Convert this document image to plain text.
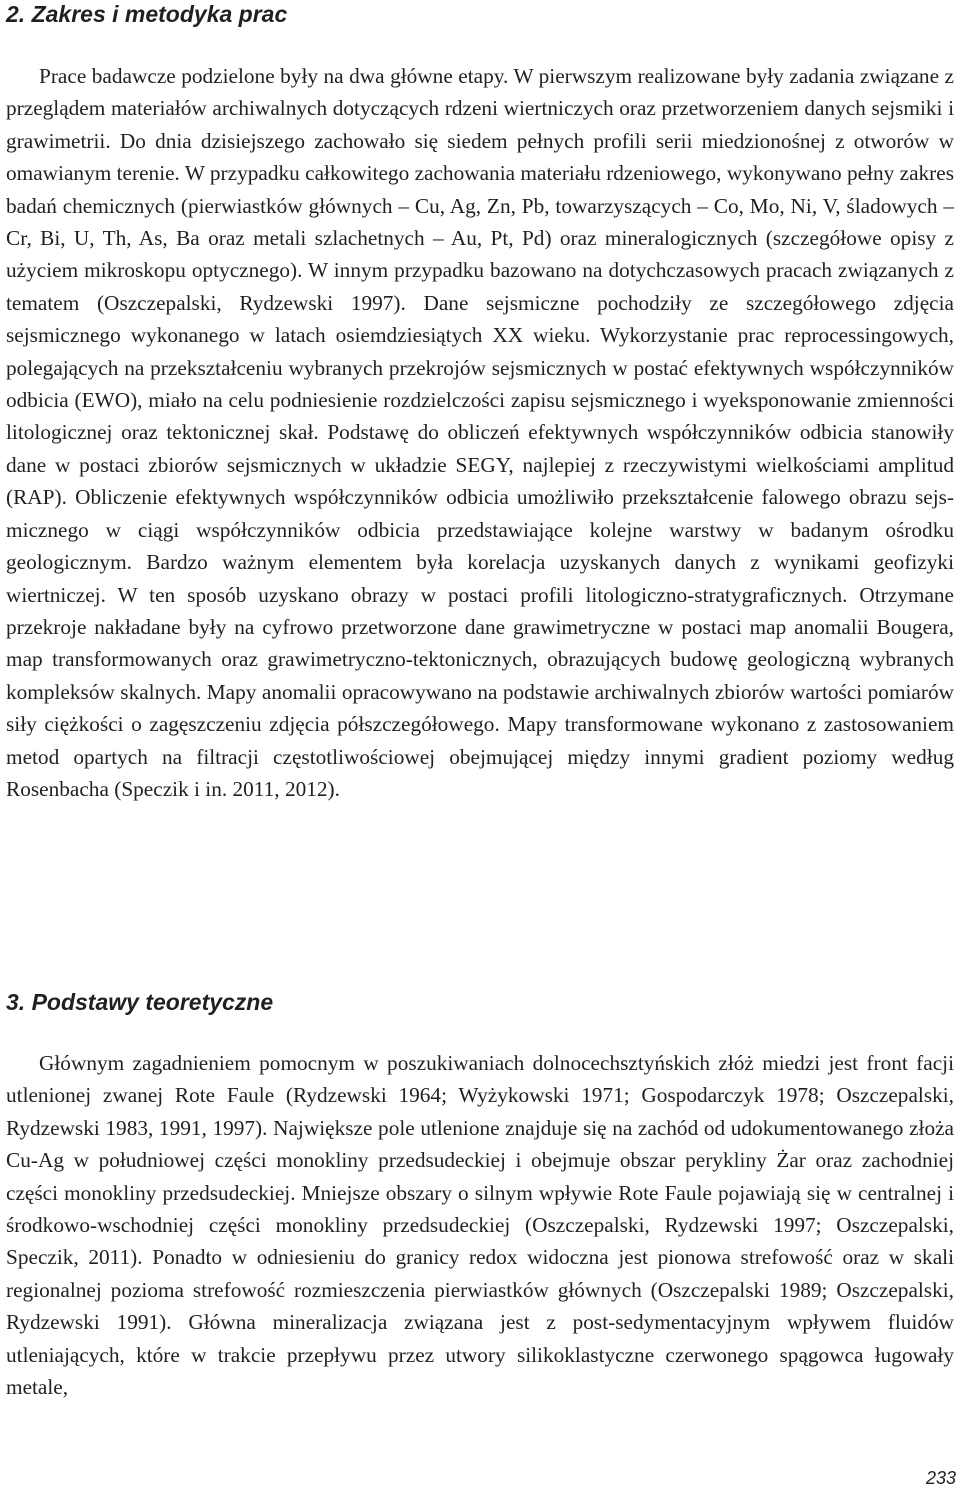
2. Zakres i metodyka prac

Prace badawcze podzielone były na dwa główne etapy. W pierwszym realizowane były zadania związane z przeglądem materiałów archiwalnych dotyczących rdzeni wiertniczych oraz przetworzeniem danych sejsmiki i grawimetrii. Do dnia dzisiejszego zachowało się siedem pełnych profili serii miedzionośnej z otworów w omawianym terenie. W przypadku całkowitego zachowania materiału rdzeniowego, wykonywano pełny zakres badań chemicznych (pierwiastków głównych – Cu, Ag, Zn, Pb, towarzyszących – Co, Mo, Ni, V, śladowych – Cr, Bi, U, Th, As, Ba oraz metali szlachetnych – Au, Pt, Pd) oraz mineralogicznych (szczegółowe opisy z użyciem mikroskopu optycznego). W innym przypadku bazowano na dotychczasowych pracach związanych z tematem (Oszczepalski, Rydzewski 1997). Dane sejsmiczne pochodziły ze szczegółowego zdjęcia sejsmicznego wykonanego w latach osiemdziesiątych XX wieku. Wykorzystanie prac reprocessingowych, polegających na przekształceniu wybranych przekrojów sejsmicznych w postać efektywnych współczynników odbicia (EWO), miało na celu podniesienie rozdzielczości zapisu sejsmicznego i wyeksponowanie zmienności litologicznej oraz tektonicznej skał. Podstawę do obliczeń efektywnych współczynników odbicia stanowiły dane w postaci zbiorów sejsmicznych w układzie SEGY, najlepiej z rzeczywistymi wielkościami amplitud (RAP). Obliczenie efektywnych współczynników odbicia umożliwiło przekształcenie falowego obrazu sejsmicznego w ciągi współczynników odbicia przedstawiające kolejne warstwy w badanym ośrodku geologicznym. Bardzo ważnym elementem była korelacja uzyskanych danych z wynikami geofizyki wiertniczej. W ten sposób uzyskano obrazy w postaci profili litologiczno-stratygraficznych. Otrzymane przekroje nakładane były na cyfrowo przetworzone dane grawimetryczne w postaci map anomalii Bougera, map transformowanych oraz grawimetryczno-tektonicznych, obrazujących budowę geologiczną wybranych kompleksów skalnych. Mapy anomalii opracowywano na podstawie archiwalnych zbiorów wartości pomiarów siły ciężkości o zagęszczeniu zdjęcia półszczegółowego. Mapy transformowane wykonano z zastosowaniem metod opartych na filtracji częstotliwościowej obejmującej między innymi gradient poziomy według Rosenbacha (Speczik i in. 2011, 2012).

3. Podstawy teoretyczne

Głównym zagadnieniem pomocnym w poszukiwaniach dolnocechsztyńskich złóż miedzi jest front facji utlenionej zwanej Rote Faule (Rydzewski 1964; Wyżykowski 1971; Gospodarczyk 1978; Oszczepalski, Rydzewski 1983, 1991, 1997). Największe pole utlenione znajduje się na zachód od udokumentowanego złoża Cu-Ag w południowej części monokliny przedsudeckiej i obejmuje obszar perykliny Żar oraz zachodniej części monokliny przedsudeckiej. Mniejsze obszary o silnym wpływie Rote Faule pojawiają się w centralnej i środkowo-wschodniej części monokliny przedsudeckiej (Oszczepalski, Rydzewski 1997; Oszczepalski, Speczik, 2011). Ponadto w odniesieniu do granicy redox widoczna jest pionowa strefowość oraz w skali regionalnej pozioma strefowość rozmieszczenia pierwiastków głównych (Oszczepalski 1989; Oszczepalski, Rydzewski 1991). Główna mineralizacja związana jest z post-sedymentacyjnym wpływem fluidów utleniających, które w trakcie przepływu przez utwory silikoklastyczne czerwonego spągowca ługowały metale,

233
